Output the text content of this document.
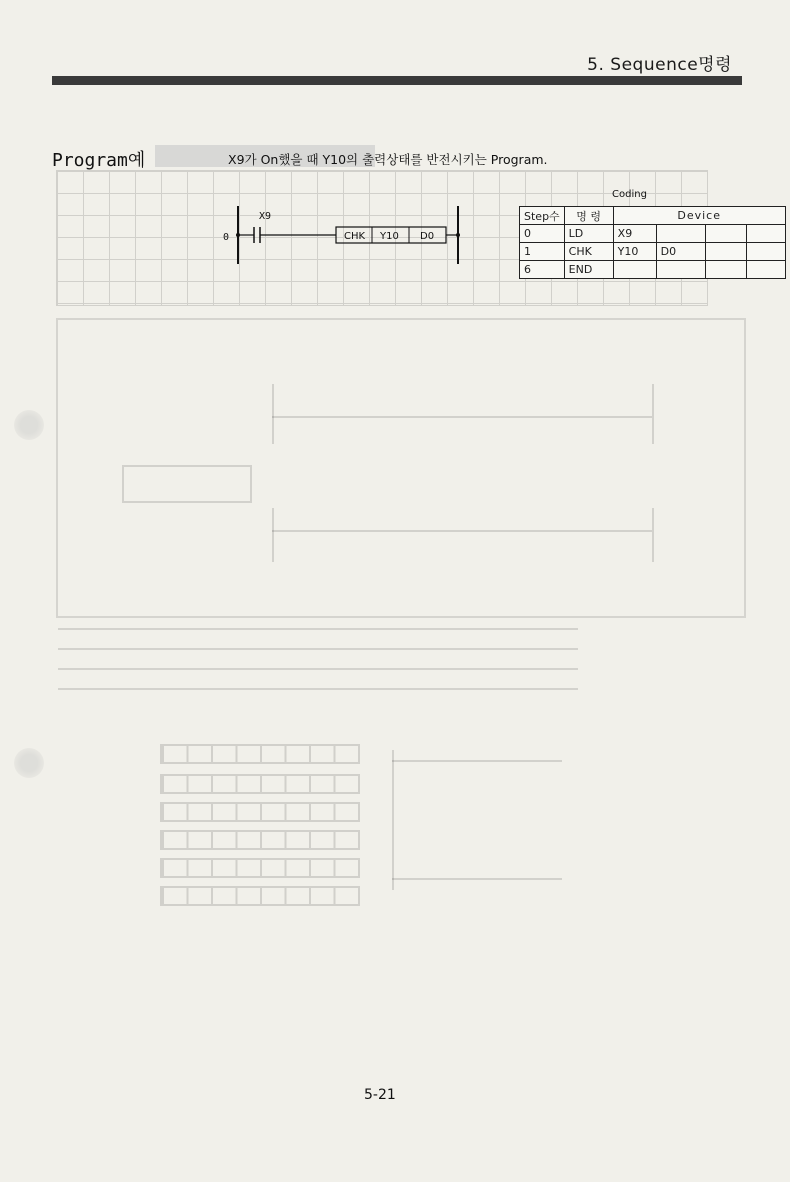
5. Sequence명령
Program예	X9가 On했을 때 Y10의 출력상태를 반전시키는 Program.
0
X9
CHK Y10 D0
Coding
Step수	명 령	Device			
0	LD	X9			
1	CHK	Y10	D0		
6	END				
5-21
